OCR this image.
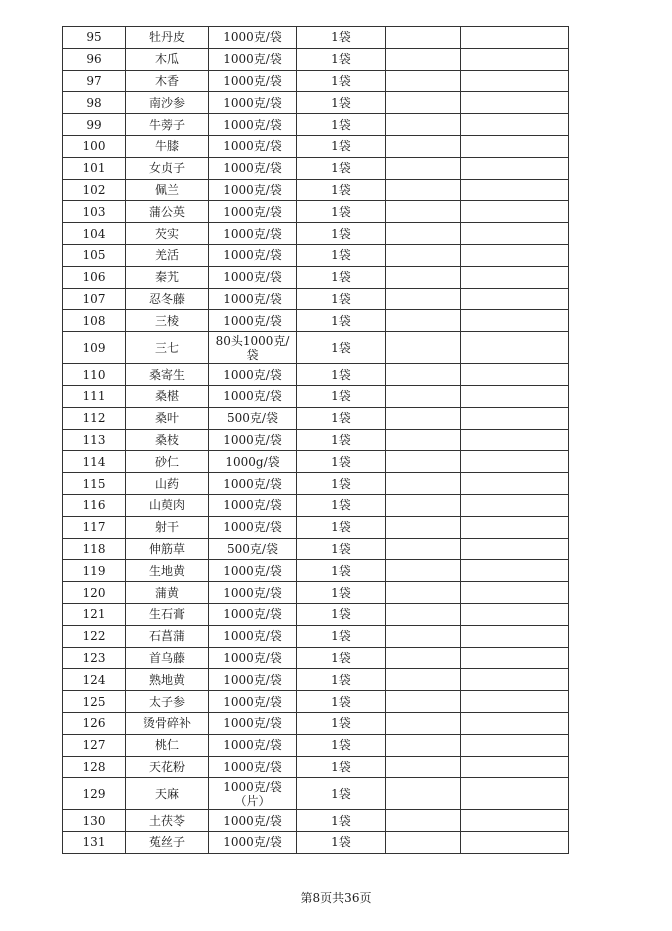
95	牡丹皮	1000克/袋	1袋		
96	木瓜	1000克/袋	1袋		
97	木香	1000克/袋	1袋		
98	南沙参	1000克/袋	1袋		
99	牛蒡子	1000克/袋	1袋		
100	牛膝	1000克/袋	1袋		
101	女贞子	1000克/袋	1袋		
102	佩兰	1000克/袋	1袋		
103	蒲公英	1000克/袋	1袋		
104	芡实	1000克/袋	1袋		
105	羌活	1000克/袋	1袋		
106	秦艽	1000克/袋	1袋		
107	忍冬藤	1000克/袋	1袋		
108	三棱	1000克/袋	1袋		
109	三七	80头1000克/袋	1袋		
110	桑寄生	1000克/袋	1袋		
111	桑椹	1000克/袋	1袋		
112	桑叶	500克/袋	1袋		
113	桑枝	1000克/袋	1袋		
114	砂仁	1000g/袋	1袋		
115	山药	1000克/袋	1袋		
116	山萸肉	1000克/袋	1袋		
117	射干	1000克/袋	1袋		
118	伸筋草	500克/袋	1袋		
119	生地黄	1000克/袋	1袋		
120	蒲黄	1000克/袋	1袋		
121	生石膏	1000克/袋	1袋		
122	石菖蒲	1000克/袋	1袋		
123	首乌藤	1000克/袋	1袋		
124	熟地黄	1000克/袋	1袋		
125	太子参	1000克/袋	1袋		
126	烫骨碎补	1000克/袋	1袋		
127	桃仁	1000克/袋	1袋		
128	天花粉	1000克/袋	1袋		
129	天麻	1000克/袋（片）	1袋		
130	土茯苓	1000克/袋	1袋		
131	菟丝子	1000克/袋	1袋		
第8页共36页
